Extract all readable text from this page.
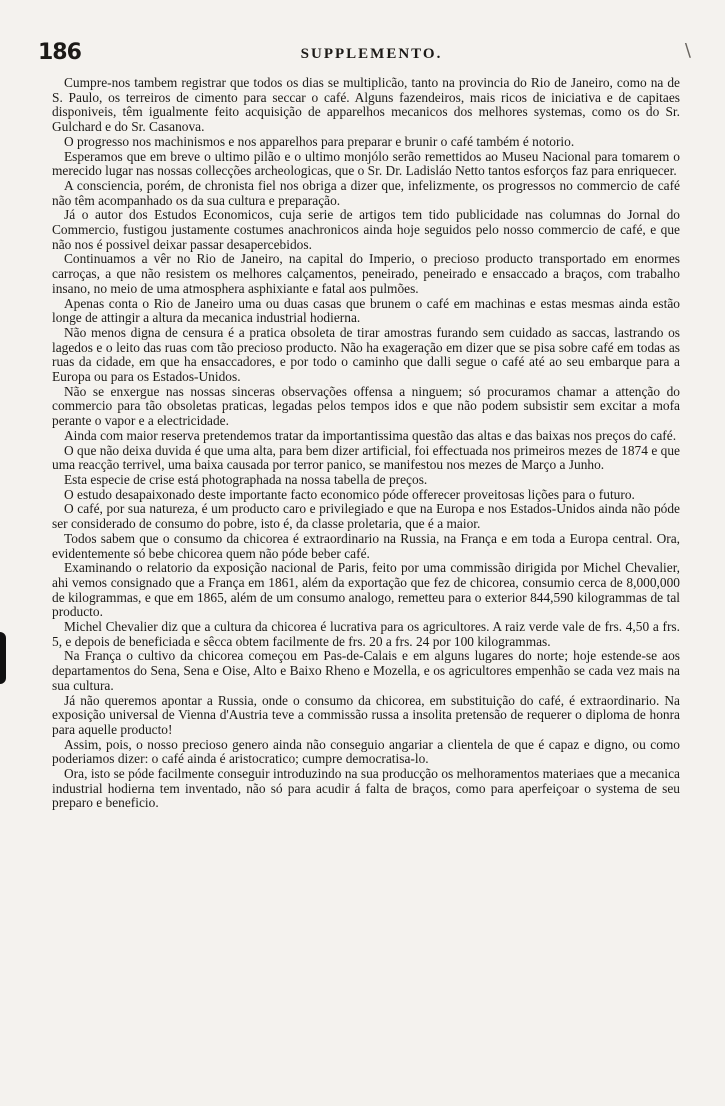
186	SUPPLEMENTO.	\

Cumpre-nos tambem registrar que todos os dias se multiplicão, tanto na provincia do Rio de Janeiro, como na de S. Paulo, os terreiros de cimento para seccar o café. Alguns fazendeiros, mais ricos de iniciativa e de capitaes disponiveis, têm igualmente feito acquisição de apparelhos mecanicos dos melhores systemas, como os do Sr. Gulchard e do Sr. Casanova.

O progresso nos machinismos e nos apparelhos para preparar e brunir o café também é notorio.

Esperamos que em breve o ultimo pilão e o ultimo monjólo serão remettidos ao Museu Nacional para tomarem o merecido lugar nas nossas collecções archeologicas, que o Sr. Dr. Ladisláo Netto tantos esforços faz para enriquecer.

A consciencia, porém, de chronista fiel nos obriga a dizer que, infelizmente, os progressos no commercio de café não têm acompanhado os da sua cultura e preparação.

Já o autor dos Estudos Economicos, cuja serie de artigos tem tido publicidade nas columnas do Jornal do Commercio, fustigou justamente costumes anachronicos ainda hoje seguidos pelo nosso commercio de café, e que não nos é possivel deixar passar desapercebidos.

Continuamos a vêr no Rio de Janeiro, na capital do Imperio, o precioso producto transportado em enormes carroças, a que não resistem os melhores calçamentos, peneirado, peneirado e ensaccado a braços, com trabalho insano, no meio de uma atmosphera asphixiante e fatal aos pulmões.

Apenas conta o Rio de Janeiro uma ou duas casas que brunem o café em machinas e estas mesmas ainda estão longe de attingir a altura da mecanica industrial hodierna.

Não menos digna de censura é a pratica obsoleta de tirar amostras furando sem cuidado as saccas, lastrando os lagedos e o leito das ruas com tão precioso producto. Não ha exageração em dizer que se pisa sobre café em todas as ruas da cidade, em que ha ensaccadores, e por todo o caminho que dalli segue o café até ao seu embarque para a Europa ou para os Estados-Unidos.

Não se enxergue nas nossas sinceras observações offensa a ninguem; só procuramos chamar a attenção do commercio para tão obsoletas praticas, legadas pelos tempos idos e que não podem subsistir sem excitar a mofa perante o vapor e a electricidade.

Ainda com maior reserva pretendemos tratar da importantissima questão das altas e das baixas nos preços do café.

O que não deixa duvida é que uma alta, para bem dizer artificial, foi effectuada nos primeiros mezes de 1874 e que uma reacção terrivel, uma baixa causada por terror panico, se manifestou nos mezes de Março a Junho.

Esta especie de crise está photographada na nossa tabella de preços.

O estudo desapaixonado deste importante facto economico póde offerecer proveitosas lições para o futuro.

O café, por sua natureza, é um producto caro e privilegiado e que na Europa e nos Estados-Unidos ainda não póde ser considerado de consumo do pobre, isto é, da classe proletaria, que é a maior.

Todos sabem que o consumo da chicorea é extraordinario na Russia, na França e em toda a Europa central. Ora, evidentemente só bebe chicorea quem não póde beber café.

Examinando o relatorio da exposição nacional de Paris, feito por uma commissão dirigida por Michel Chevalier, ahi vemos consignado que a França em 1861, além da exportação que fez de chicorea, consumio cerca de 8,000,000 de kilogrammas, e que em 1865, além de um consumo analogo, remetteu para o exterior 844,590 kilogrammas de tal producto.

Michel Chevalier diz que a cultura da chicorea é lucrativa para os agricultores. A raiz verde vale de frs. 4,50 a frs. 5, e depois de beneficiada e sêcca obtem facilmente de frs. 20 a frs. 24 por 100 kilogrammas.

Na França o cultivo da chicorea começou em Pas-de-Calais e em alguns lugares do norte; hoje estende-se aos departamentos do Sena, Sena e Oise, Alto e Baixo Rheno e Mozella, e os agricultores empenhão se cada vez mais na sua cultura.

Já não queremos apontar a Russia, onde o consumo da chicorea, em substituição do café, é extraordinario. Na exposição universal de Vienna d'Austria teve a commissão russa a insolita pretensão de requerer o diploma de honra para aquelle producto!

Assim, pois, o nosso precioso genero ainda não conseguio angariar a clientela de que é capaz e digno, ou como poderiamos dizer: o café ainda é aristocratico; cumpre democratisa-lo.

Ora, isto se póde facilmente conseguir introduzindo na sua producção os melhoramentos materiaes que a mecanica industrial hodierna tem inventado, não só para acudir á falta de braços, como para aperfeiçoar o systema de seu preparo e beneficio.
